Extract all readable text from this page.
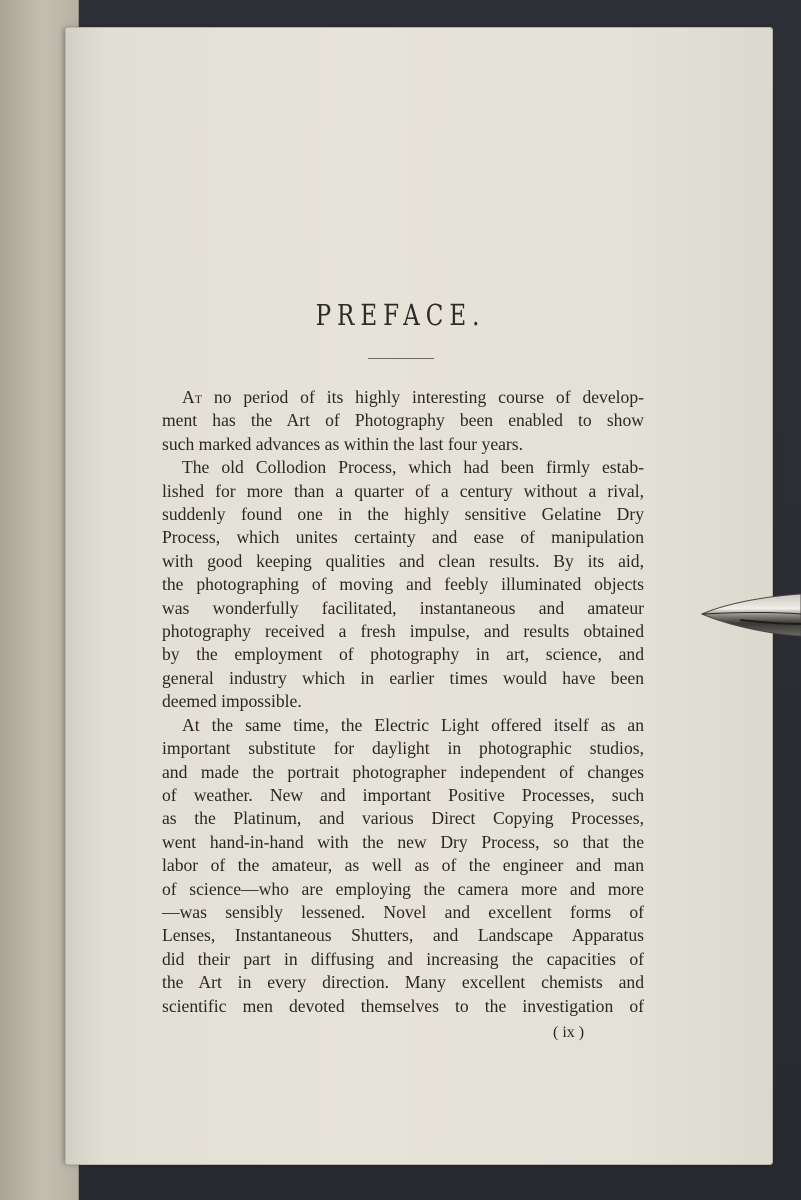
PREFACE.
At no period of its highly interesting course of develop-
ment has the Art of Photography been enabled to show
such marked advances as within the last four years.
The old Collodion Process, which had been firmly estab-
lished for more than a quarter of a century without a rival,
suddenly found one in the highly sensitive Gelatine Dry
Process, which unites certainty and ease of manipulation
with good keeping qualities and clean results. By its aid,
the photographing of moving and feebly illuminated objects
was wonderfully facilitated, instantaneous and amateur
photography received a fresh impulse, and results obtained
by the employment of photography in art, science, and
general industry which in earlier times would have been
deemed impossible.
At the same time, the Electric Light offered itself as an
important substitute for daylight in photographic studios,
and made the portrait photographer independent of changes
of weather. New and important Positive Processes, such
as the Platinum, and various Direct Copying Processes,
went hand-in-hand with the new Dry Process, so that the
labor of the amateur, as well as of the engineer and man
of science—who are employing the camera more and more
—was sensibly lessened. Novel and excellent forms of
Lenses, Instantaneous Shutters, and Landscape Apparatus
did their part in diffusing and increasing the capacities of
the Art in every direction. Many excellent chemists and
scientific men devoted themselves to the investigation of
( ix )
